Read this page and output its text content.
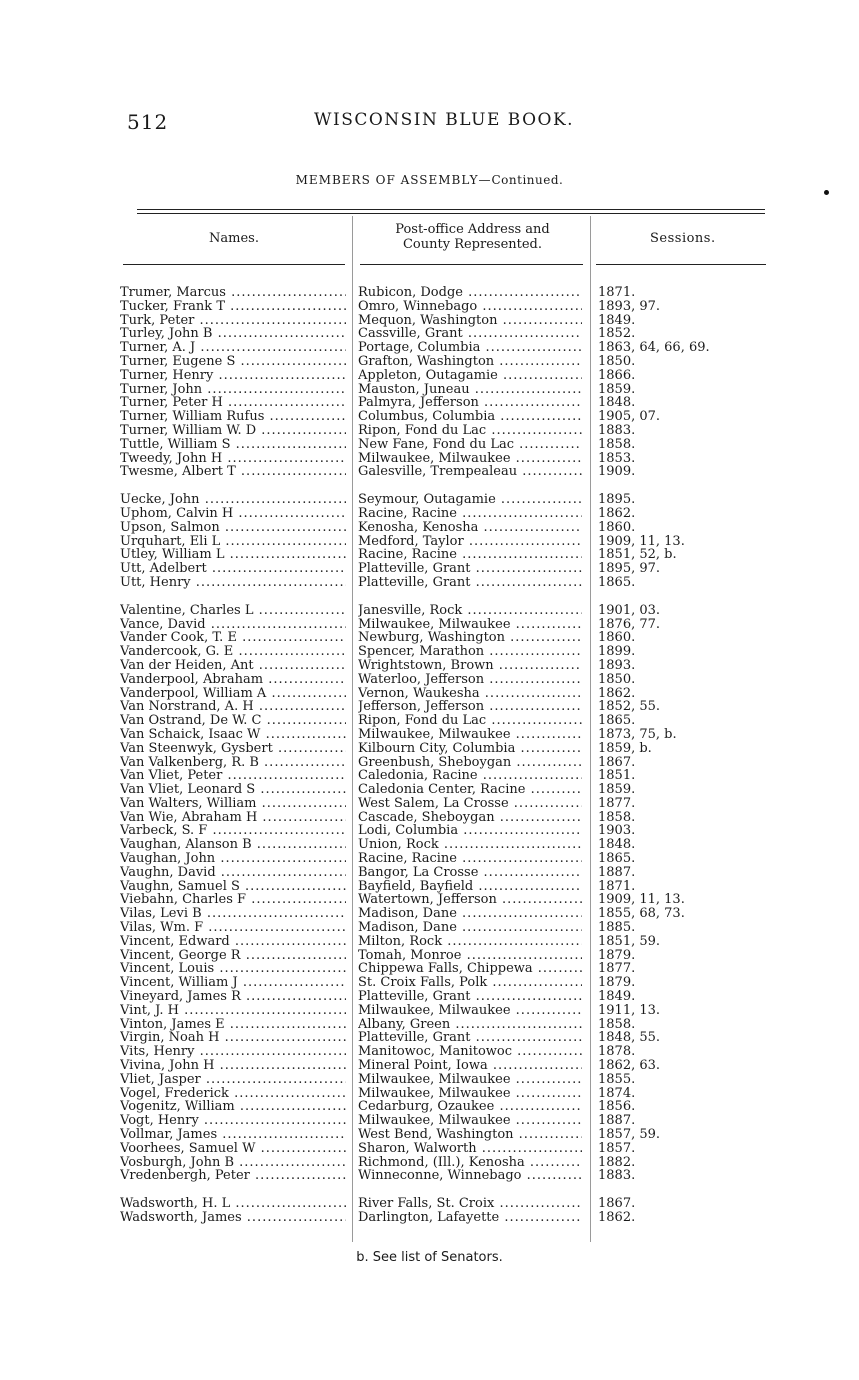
512	WISCONSIN BLUE BOOK.
MEMBERS OF ASSEMBLY—Continued.
Names.
Post-office Address and
County Represented.	Sessions.
Trumer, Marcus .....	Rubicon, Dodge .....	1871.
Tucker, Frank T .....	Omro, Winnebago .....	1893, 97.
Turk, Peter .....	Mequon, Washington .....	1849.
Turley, John B .....	Cassville, Grant .....	1852.
Turner, A. J .....	Portage, Columbia .....	1863, 64, 66, 69.
Turner, Eugene S .....	Grafton, Washington .....	1850.
Turner, Henry .....	Appleton, Outagamie .....	1866.
Turner, John .....	Mauston, Juneau .....	1859.
Turner, Peter H .....	Palmyra, Jefferson .....	1848.
Turner, William Rufus .....	Columbus, Columbia .....	1905, 07.
Turner, William W. D .....	Ripon, Fond du Lac .....	1883.
Tuttle, William S .....	New Fane, Fond du Lac .....	1858.
Tweedy, John H .....	Milwaukee, Milwaukee .....	1853.
Twesme, Albert T .....	Galesville, Trempealeau .....	1909.
Uecke, John .....	Seymour, Outagamie .....	1895.
Uphom, Calvin H .....	Racine, Racine .....	1862.
Upson, Salmon .....	Kenosha, Kenosha .....	1860.
Urquhart, Eli L .....	Medford, Taylor .....	1909, 11, 13.
Utley, William L .....	Racine, Racine .....	1851, 52, b.
Utt, Adelbert .....	Platteville, Grant .....	1895, 97.
Utt, Henry .....	Platteville, Grant .....	1865.
Valentine, Charles L .....	Janesville, Rock .....	1901, 03.
Vance, David .....	Milwaukee, Milwaukee .....	1876, 77.
Vander Cook, T. E .....	Newburg, Washington .....	1860.
Vandercook, G. E .....	Spencer, Marathon .....	1899.
Van der Heiden, Ant .....	Wrightstown, Brown .....	1893.
Vanderpool, Abraham .....	Waterloo, Jefferson .....	1850.
Vanderpool, William A .....	Vernon, Waukesha .....	1862.
Van Norstrand, A. H .....	Jefferson, Jefferson .....	1852, 55.
Van Ostrand, De W. C .....	Ripon, Fond du Lac .....	1865.
Van Schaick, Isaac W .....	Milwaukee, Milwaukee .....	1873, 75, b.
Van Steenwyk, Gysbert .....	Kilbourn City, Columbia .....	1859, b.
Van Valkenberg, R. B .....	Greenbush, Sheboygan .....	1867.
Van Vliet, Peter .....	Caledonia, Racine .....	1851.
Van Vliet, Leonard S .....	Caledonia Center, Racine .....	1859.
Van Walters, William .....	West Salem, La Crosse .....	1877.
Van Wie, Abraham H .....	Cascade, Sheboygan .....	1858.
Varbeck, S. F .....	Lodi, Columbia .....	1903.
Vaughan, Alanson B .....	Union, Rock .....	1848.
Vaughan, John .....	Racine, Racine .....	1865.
Vaughn, David .....	Bangor, La Crosse .....	1887.
Vaughn, Samuel S .....	Bayfield, Bayfield .....	1871.
Viebahn, Charles F .....	Watertown, Jefferson .....	1909, 11, 13.
Vilas, Levi B .....	Madison, Dane .....	1855, 68, 73.
Vilas, Wm. F .....	Madison, Dane .....	1885.
Vincent, Edward .....	Milton, Rock .....	1851, 59.
Vincent, George R .....	Tomah, Monroe .....	1879.
Vincent, Louis .....	Chippewa Falls, Chippewa .....	1877.
Vincent, William J .....	St. Croix Falls, Polk .....	1879.
Vineyard, James R .....	Platteville, Grant .....	1849.
Vint, J. H .....	Milwaukee, Milwaukee .....	1911, 13.
Vinton, James E .....	Albany, Green .....	1858.
Virgin, Noah H .....	Platteville, Grant .....	1848, 55.
Vits, Henry .....	Manitowoc, Manitowoc .....	1878.
Vivina, John H .....	Mineral Point, Iowa .....	1862, 63.
Vliet, Jasper .....	Milwaukee, Milwaukee .....	1855.
Vogel, Frederick .....	Milwaukee, Milwaukee .....	1874.
Vogenitz, William .....	Cedarburg, Ozaukee .....	1856.
Vogt, Henry .....	Milwaukee, Milwaukee .....	1887.
Vollmar, James .....	West Bend, Washington .....	1857, 59.
Voorhees, Samuel W .....	Sharon, Walworth .....	1857.
Vosburgh, John B .....	Richmond, (Ill.), Kenosha .....	1882.
Vredenbergh, Peter .....	Winneconne, Winnebago .....	1883.
Wadsworth, H. L .....	River Falls, St. Croix .....	1867.
Wadsworth, James .....	Darlington, Lafayette .....	1862.
b. See list of Senators.
